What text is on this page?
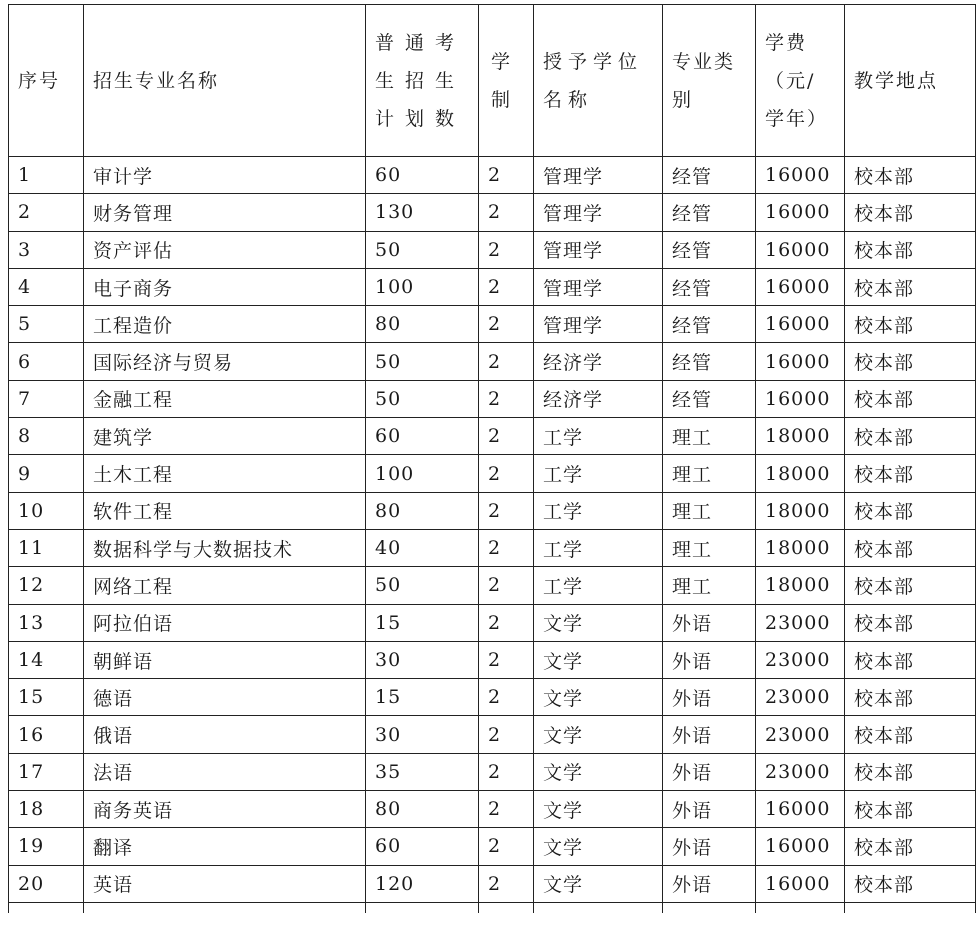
序号	招生专业名称	普通考生招生计划数	学制	授予学位名称	专业类别	学费（元/学年）	教学地点

1	审计学	60	2	管理学	经管	16000	校本部
2	财务管理	130	2	管理学	经管	16000	校本部
3	资产评估	50	2	管理学	经管	16000	校本部
4	电子商务	100	2	管理学	经管	16000	校本部
5	工程造价	80	2	管理学	经管	16000	校本部
6	国际经济与贸易	50	2	经济学	经管	16000	校本部
7	金融工程	50	2	经济学	经管	16000	校本部
8	建筑学	60	2	工学	理工	18000	校本部
9	土木工程	100	2	工学	理工	18000	校本部
10	软件工程	80	2	工学	理工	18000	校本部
11	数据科学与大数据技术	40	2	工学	理工	18000	校本部
12	网络工程	50	2	工学	理工	18000	校本部
13	阿拉伯语	15	2	文学	外语	23000	校本部
14	朝鲜语	30	2	文学	外语	23000	校本部
15	德语	15	2	文学	外语	23000	校本部
16	俄语	30	2	文学	外语	23000	校本部
17	法语	35	2	文学	外语	23000	校本部
18	商务英语	80	2	文学	外语	16000	校本部
19	翻译	60	2	文学	外语	16000	校本部
20	英语	120	2	文学	外语	16000	校本部
